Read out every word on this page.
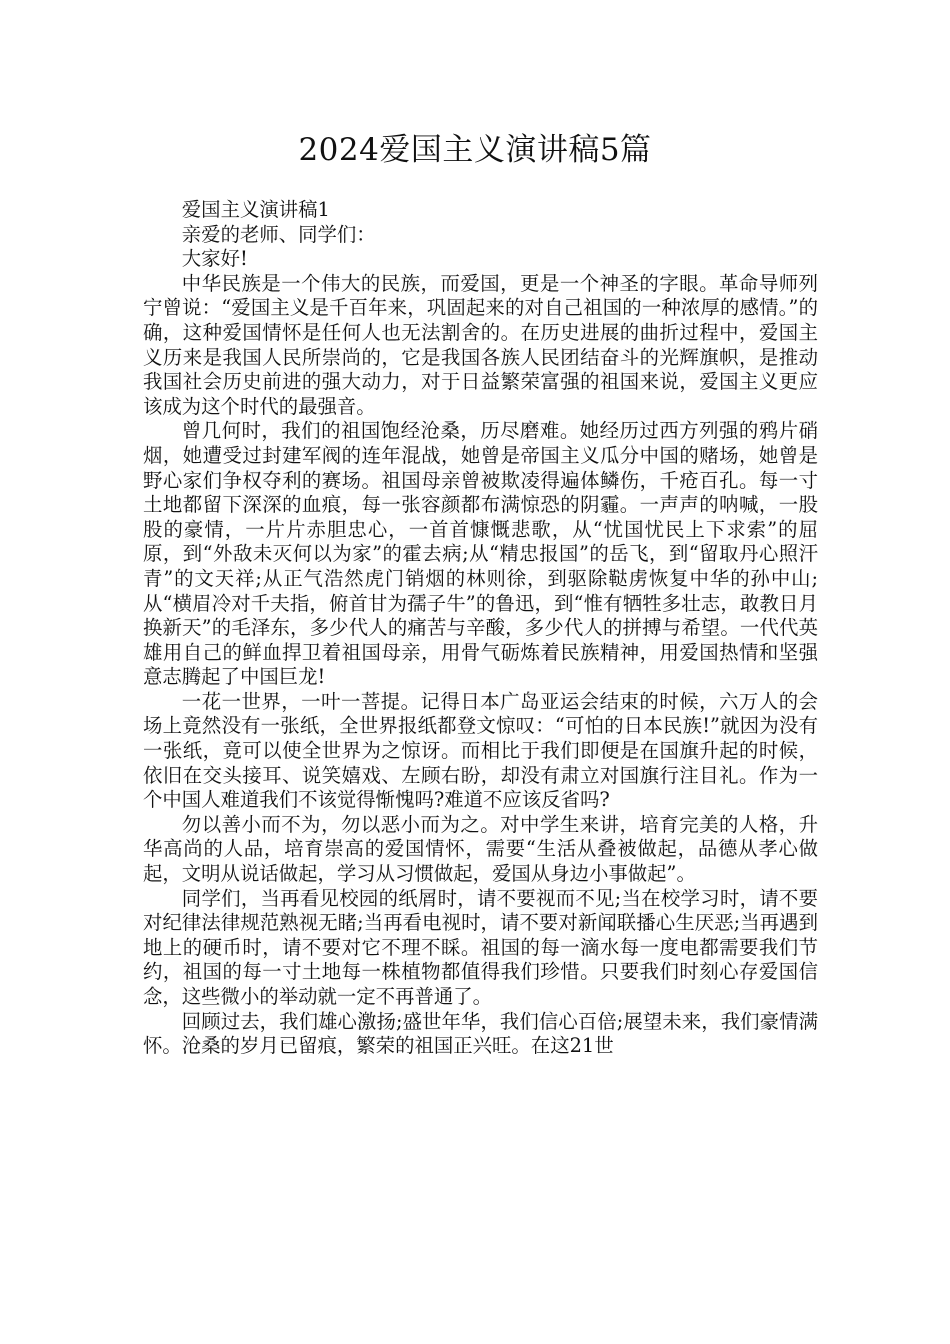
2024爱国主义演讲稿5篇

爱国主义演讲稿1

亲爱的老师、同学们：

大家好!

中华民族是一个伟大的民族，而爱国，更是一个神圣的字眼。革命导师列宁曾说：“爱国主义是千百年来，巩固起来的对自己祖国的一种浓厚的感情。”的确，这种爱国情怀是任何人也无法割舍的。在历史进展的曲折过程中，爱国主义历来是我国人民所崇尚的，它是我国各族人民团结奋斗的光辉旗帜，是推动我国社会历史前进的强大动力，对于日益繁荣富强的祖国来说，爱国主义更应该成为这个时代的最强音。

曾几何时，我们的祖国饱经沧桑，历尽磨难。她经历过西方列强的鸦片硝烟，她遭受过封建军阀的连年混战，她曾是帝国主义瓜分中国的赌场，她曾是野心家们争权夺利的赛场。祖国母亲曾被欺凌得遍体鳞伤，千疮百孔。每一寸土地都留下深深的血痕，每一张容颜都布满惊恐的阴霾。一声声的呐喊，一股股的豪情，一片片赤胆忠心，一首首慷慨悲歌，从“忧国忧民上下求索”的屈原，到“外敌未灭何以为家”的霍去病;从“精忠报国”的岳飞，到“留取丹心照汗青”的文天祥;从正气浩然虎门销烟的林则徐，到驱除鞑虏恢复中华的孙中山;从“横眉冷对千夫指，俯首甘为孺子牛”的鲁迅，到“惟有牺牲多壮志，敢教日月换新天”的毛泽东，多少代人的痛苦与辛酸，多少代人的拼搏与希望。一代代英雄用自己的鲜血捍卫着祖国母亲，用骨气砺炼着民族精神，用爱国热情和坚强意志腾起了中国巨龙!

一花一世界，一叶一菩提。记得日本广岛亚运会结束的时候，六万人的会场上竟然没有一张纸，全世界报纸都登文惊叹：“可怕的日本民族!”就因为没有一张纸，竟可以使全世界为之惊讶。而相比于我们即便是在国旗升起的时候，依旧在交头接耳、说笑嬉戏、左顾右盼，却没有肃立对国旗行注目礼。作为一个中国人难道我们不该觉得惭愧吗?难道不应该反省吗?

勿以善小而不为，勿以恶小而为之。对中学生来讲，培育完美的人格，升华高尚的人品，培育崇高的爱国情怀，需要“生活从叠被做起，品德从孝心做起，文明从说话做起，学习从习惯做起，爱国从身边小事做起”。

同学们，当再看见校园的纸屑时，请不要视而不见;当在校学习时，请不要对纪律法律规范熟视无睹;当再看电视时，请不要对新闻联播心生厌恶;当再遇到地上的硬币时，请不要对它不理不睬。祖国的每一滴水每一度电都需要我们节约，祖国的每一寸土地每一株植物都值得我们珍惜。只要我们时刻心存爱国信念，这些微小的举动就一定不再普通了。

回顾过去，我们雄心激扬;盛世年华，我们信心百倍;展望未来，我们豪情满怀。沧桑的岁月已留痕，繁荣的祖国正兴旺。在这21世
